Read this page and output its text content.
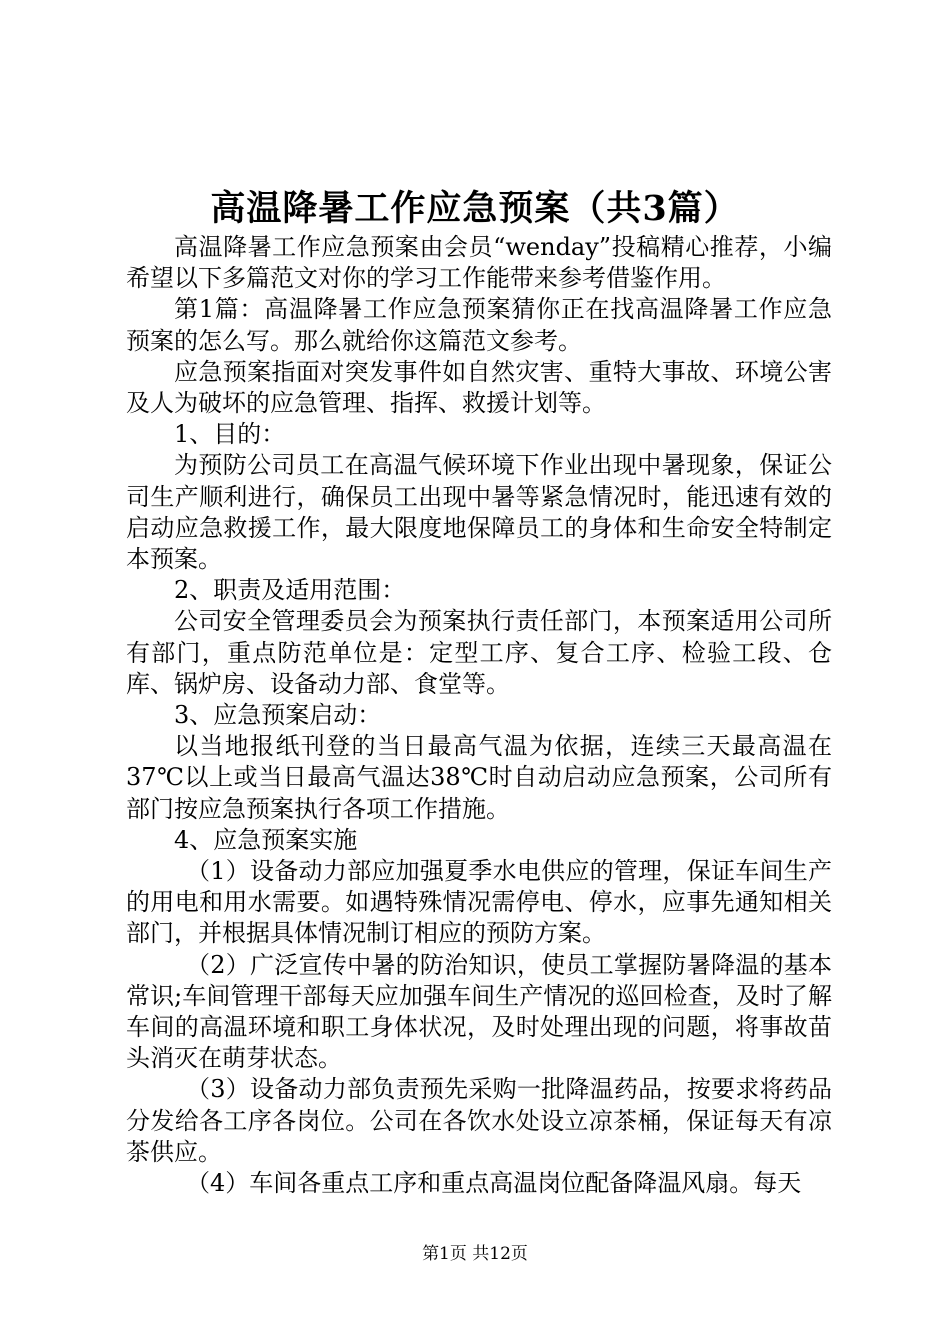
高温降暑工作应急预案（共3篇）

高温降暑工作应急预案由会员“wenday”投稿精心推荐，小编希望以下多篇范文对你的学习工作能带来参考借鉴作用。

第1篇：高温降暑工作应急预案猜你正在找高温降暑工作应急预案的怎么写。那么就给你这篇范文参考。

应急预案指面对突发事件如自然灾害、重特大事故、环境公害及人为破坏的应急管理、指挥、救援计划等。

1、目的：

为预防公司员工在高温气候环境下作业出现中暑现象，保证公司生产顺利进行，确保员工出现中暑等紧急情况时，能迅速有效的启动应急救援工作，最大限度地保障员工的身体和生命安全特制定本预案。

2、职责及适用范围：

公司安全管理委员会为预案执行责任部门，本预案适用公司所有部门，重点防范单位是：定型工序、复合工序、检验工段、仓库、锅炉房、设备动力部、食堂等。

3、应急预案启动：

以当地报纸刊登的当日最高气温为依据，连续三天最高温在37℃以上或当日最高气温达38℃时自动启动应急预案，公司所有部门按应急预案执行各项工作措施。

4、应急预案实施

（1）设备动力部应加强夏季水电供应的管理，保证车间生产的用电和用水需要。如遇特殊情况需停电、停水，应事先通知相关部门，并根据具体情况制订相应的预防方案。

（2）广泛宣传中暑的防治知识，使员工掌握防暑降温的基本常识;车间管理干部每天应加强车间生产情况的巡回检查，及时了解车间的高温环境和职工身体状况，及时处理出现的问题，将事故苗头消灭在萌芽状态。

（3）设备动力部负责预先采购一批降温药品，按要求将药品分发给各工序各岗位。公司在各饮水处设立凉茶桶，保证每天有凉茶供应。

（4）车间各重点工序和重点高温岗位配备降温风扇。每天

第1页 共12页
